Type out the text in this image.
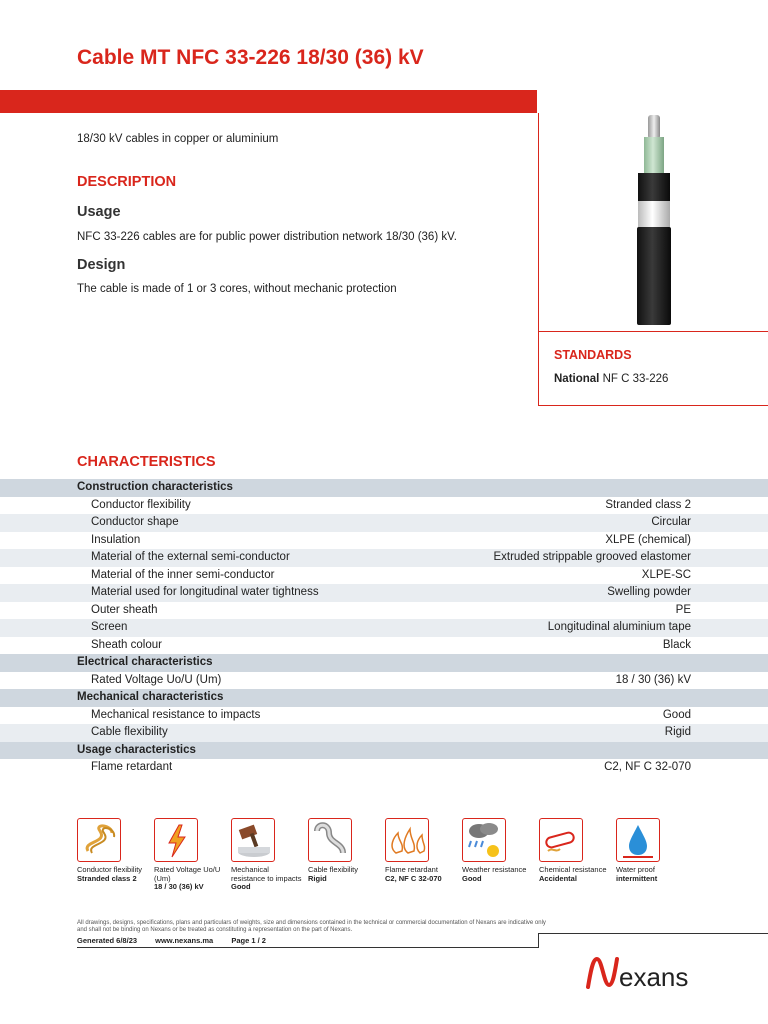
Cable MT NFC 33-226 18/30 (36) kV
18/30 kV cables in copper or aluminium
DESCRIPTION
Usage
NFC 33-226 cables are for public power distribution network 18/30 (36) kV.
Design
The cable is made of 1 or 3 cores, without mechanic protection
STANDARDS
National NF C 33-226
CHARACTERISTICS
Construction characteristics
Conductor flexibility	Stranded class 2
Conductor shape	Circular
Insulation	XLPE (chemical)
Material of the external semi-conductor	Extruded strippable grooved elastomer
Material of the inner semi-conductor	XLPE-SC
Material used for longitudinal water tightness	Swelling powder
Outer sheath	PE
Screen	Longitudinal aluminium tape
Sheath colour	Black
Electrical characteristics
Rated Voltage Uo/U (Um)	18 / 30 (36) kV
Mechanical characteristics
Mechanical resistance to impacts	Good
Cable flexibility	Rigid
Usage characteristics
Flame retardant	C2, NF C 32-070
Conductor flexibility
Stranded class 2
Rated Voltage Uo/U (Um)
18 / 30 (36) kV
Mechanical resistance to impacts
Good
Cable flexibility
Rigid
Flame retardant
C2, NF C 32-070
Weather resistance
Good
Chemical resistance
Accidental
Water proof
intermittent
All drawings, designs, specifications, plans and particulars of weights, size and dimensions contained in the technical or commercial documentation of Nexans are indicative only and shall not be binding on Nexans or be treated as constituting a representation on the part of Nexans.
Generated 6/8/23 www.nexans.ma Page 1 / 2
exans
